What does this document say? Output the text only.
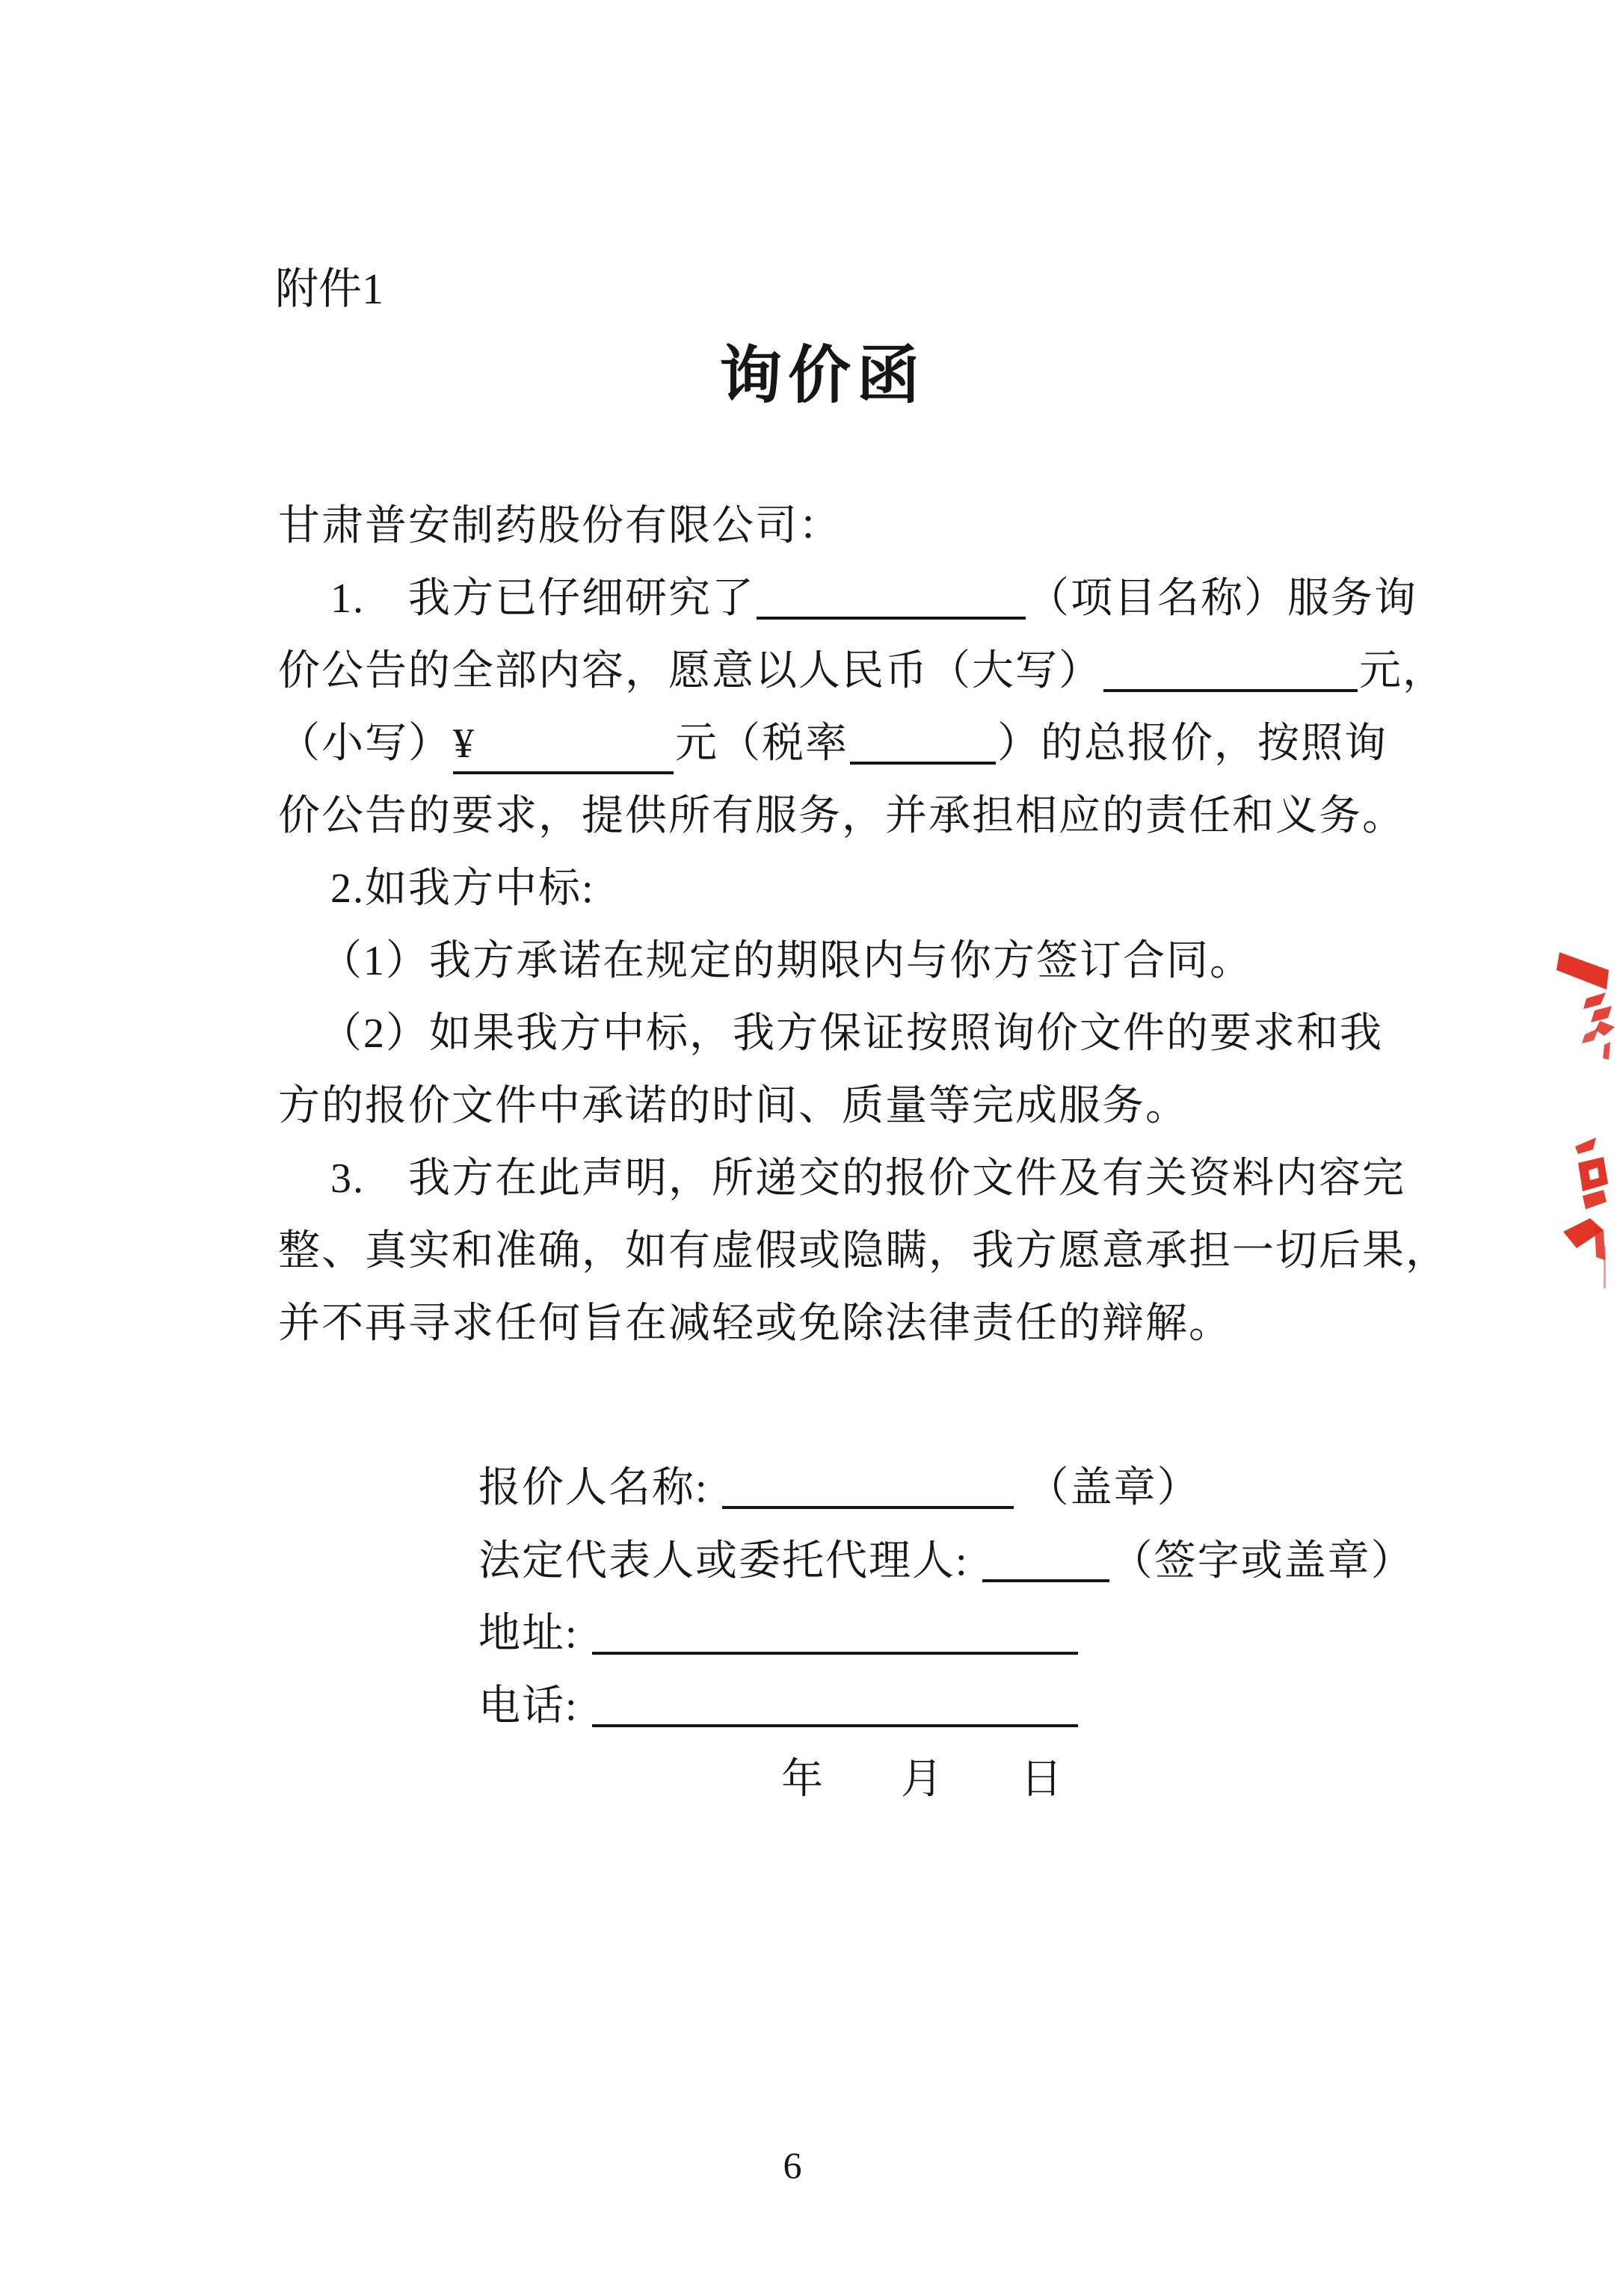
附件1
询价函
甘肃普安制药股份有限公司：
1.　我方已仔细研究了	（项目名称）服务询
价公告的全部内容，愿意以人民币（大写）	元，
（小写）¥	元（税率	）的总报价，按照询
价公告的要求，提供所有服务，并承担相应的责任和义务。
2.如我方中标:
（1）我方承诺在规定的期限内与你方签订合同。
（2）如果我方中标，我方保证按照询价文件的要求和我
方的报价文件中承诺的时间、质量等完成服务。
3.　我方在此声明，所递交的报价文件及有关资料内容完
整、真实和准确，如有虚假或隐瞒，我方愿意承担一切后果，
并不再寻求任何旨在减轻或免除法律责任的辩解。
报价人名称:	（盖章）
法定代表人或委托代理人:	（签字或盖章）
地址:
电话:
年 月 日
6
